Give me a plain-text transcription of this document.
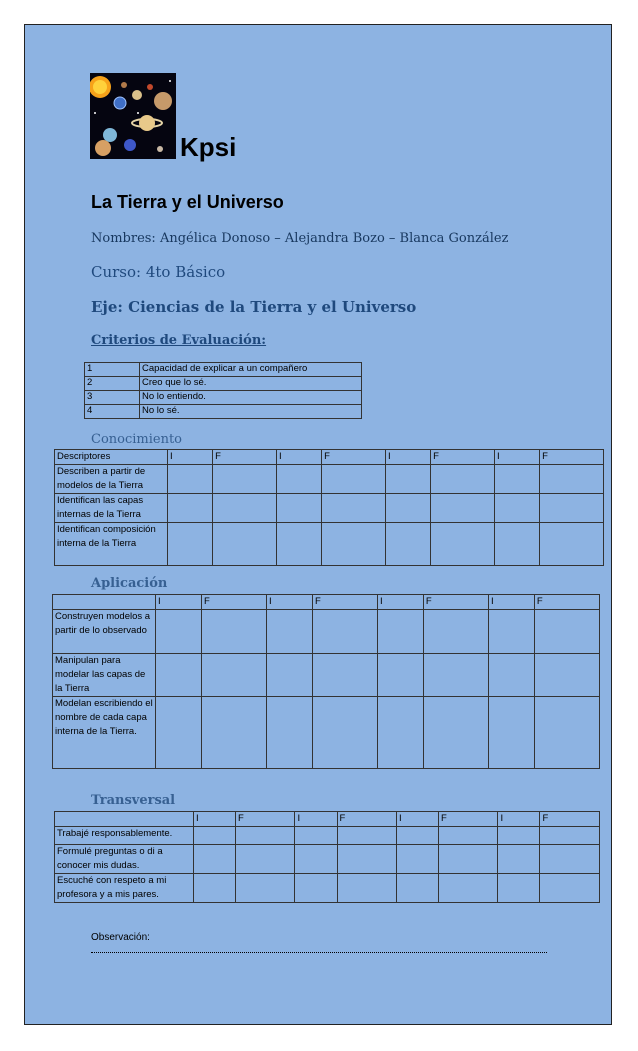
Kpsi
La Tierra y el Universo
Nombres: Angélica Donoso – Alejandra Bozo – Blanca González
Curso: 4to Básico
Eje: Ciencias de la Tierra y el Universo
Criterios de Evaluación:
1	Capacidad de explicar a un compañero
2	Creo que lo sé.
3	No lo entiendo.
4	No lo sé.
Conocimiento
Descriptores	I	F	I	F	I	F	I	F
Describen a partir de modelos de la Tierra								
Identifican las capas internas de la Tierra								
Identifican composición interna de la Tierra								
Aplicación
	I	F	I	F	I	F	I	F
Construyen modelos a partir de lo observado								
Manipulan para modelar las capas de la Tierra								
Modelan escribiendo el nombre de cada capa interna de la Tierra.								
Transversal
	I	F	I	F	I	F	I	F
Trabajé responsablemente.								
Formulé preguntas o di a conocer mis dudas.								
Escuché con respeto a mi profesora y a mis pares.								
Observación:
